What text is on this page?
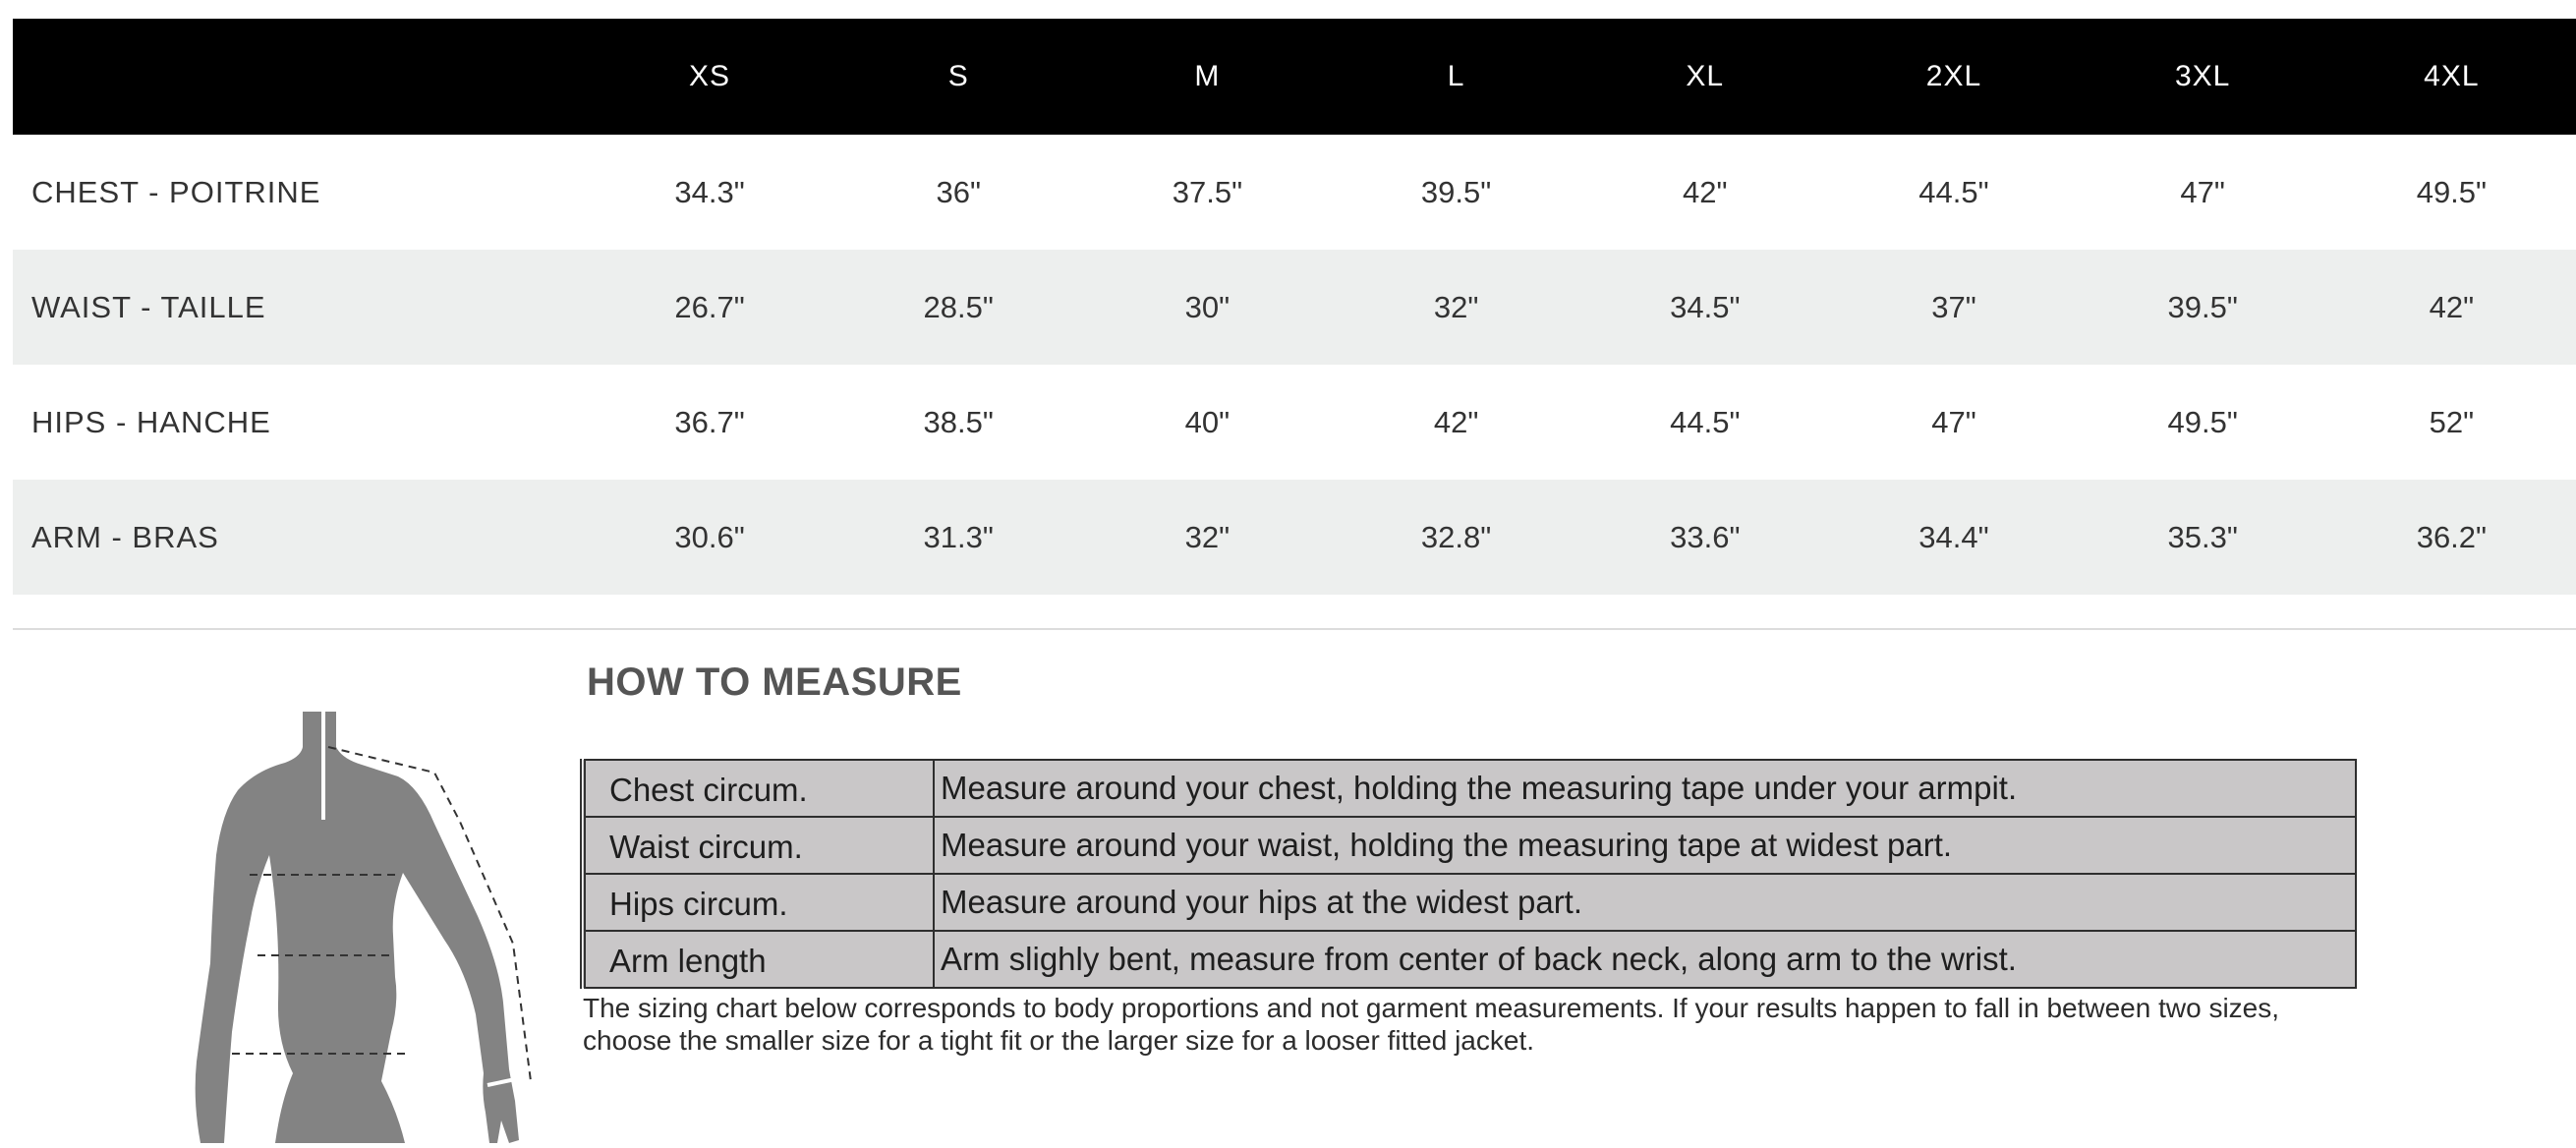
	XS	S	M	L	XL	2XL	3XL	4XL
CHEST - POITRINE	34.3"	36"	37.5"	39.5"	42"	44.5"	47"	49.5"
WAIST - TAILLE	26.7"	28.5"	30"	32"	34.5"	37"	39.5"	42"
HIPS - HANCHE	36.7"	38.5"	40"	42"	44.5"	47"	49.5"	52"
ARM - BRAS	30.6"	31.3"	32"	32.8"	33.6"	34.4"	35.3"	36.2"
HOW TO MEASURE
Chest circum.	Measure around your chest, holding the measuring tape under your armpit.
Waist circum.	Measure around your waist, holding the measuring tape at widest part.
Hips circum.	Measure around your hips at the widest part.
Arm length	Arm slighly bent, measure from center of back neck, along arm to the wrist.

The sizing chart below corresponds to body proportions and not garment measurements. If your results happen to fall in between two sizes, choose the smaller size for a tight fit or the larger size for a looser fitted jacket.
